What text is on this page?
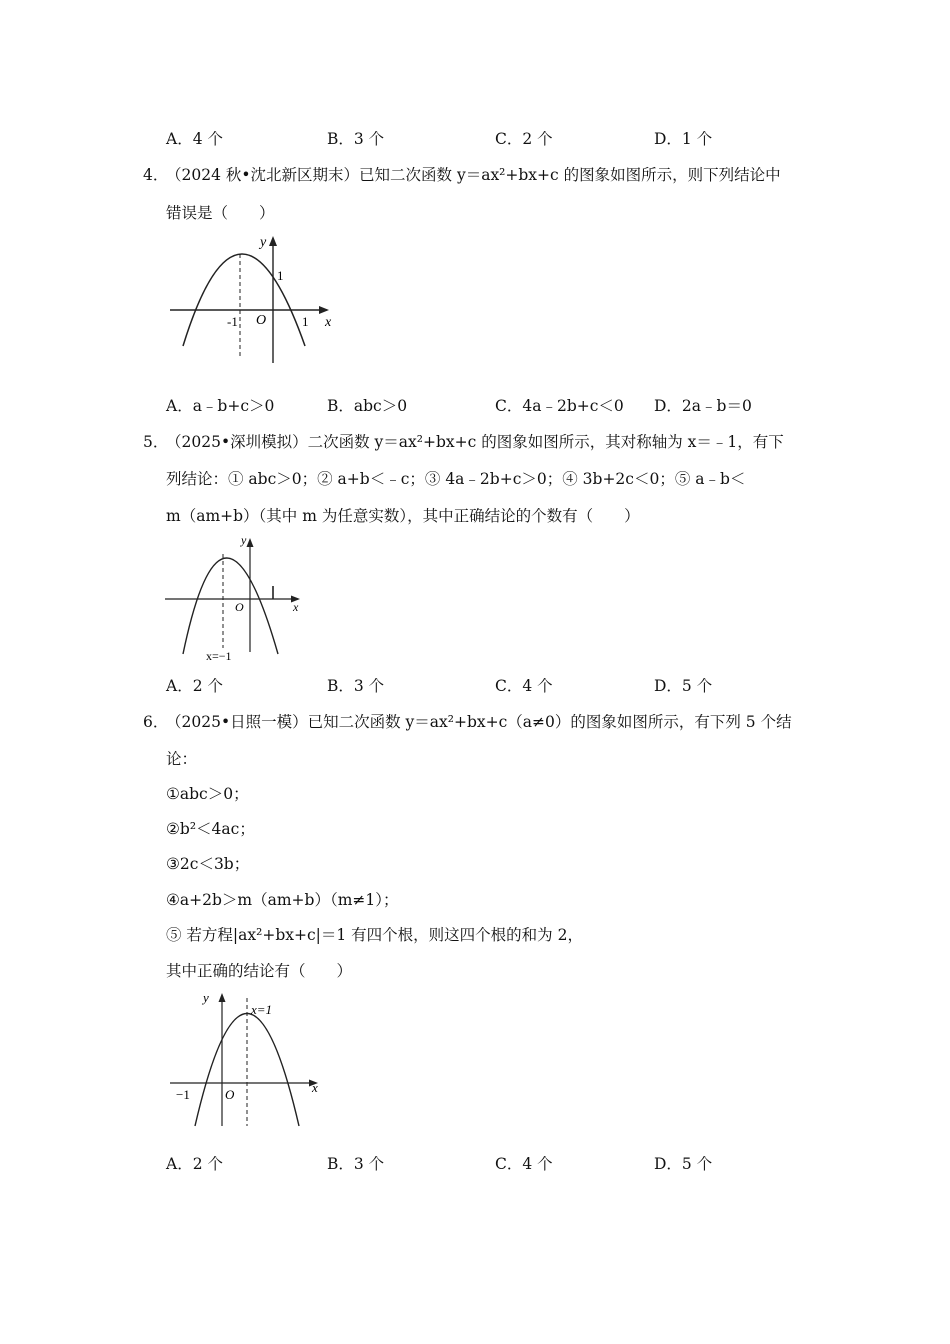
A．4 个	B．3 个	C．2 个	D．1 个
4．
（2024 秋•沈北新区期末）已知二次函数 y＝ax²+bx+c 的图象如图所示，则下列结论中
错误是（　　）
y
x
O
-1	1
1
A．a﹣b+c＞0	B．abc＞0	C．4a﹣2b+c＜0 D．2a﹣b＝0
5．
（2025•深圳模拟）二次函数 y＝ax²+bx+c 的图象如图所示，其对称轴为 x＝﹣1，有下
列结论：① abc＞0；② a+b＜﹣c；③ 4a﹣2b+c＞0；④ 3b+2c＜0；⑤ a﹣b＜
m（am+b）（其中 m 为任意实数），其中正确结论的个数有（　　）
y
x
O
x=−1
A．2 个	B．3 个	C．4 个	D．5 个
6．
（2025•日照一模）已知二次函数 y＝ax²+bx+c（a≠0）的图象如图所示，有下列 5 个结
论：
①abc＞0；
②b²＜4ac；
③2c＜3b；
④a+2b＞m（am+b）（m≠1）；
⑤ 若方程|ax²+bx+c|＝1 有四个根，则这四个根的和为 2，
其中正确的结论有（　　）
y
x
O
−1
x=1
A．2 个	B．3 个	C．4 个	D．5 个
